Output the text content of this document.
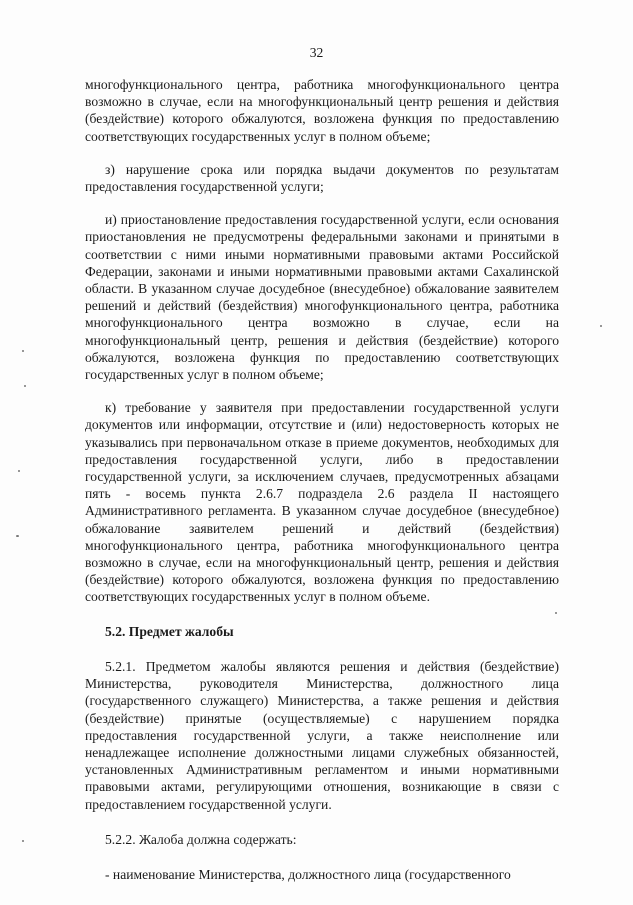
32

многофункционального центра, работника многофункционального центра возможно в случае, если на многофункциональный центр решения и действия (бездействие) которого обжалуются, возложена функция по предоставлению соответствующих государственных услуг в полном объеме;

з) нарушение срока или порядка выдачи документов по результатам предоставления государственной услуги;

и) приостановление предоставления государственной услуги, если основания приостановления не предусмотрены федеральными законами и принятыми в соответствии с ними иными нормативными правовыми актами Российской Федерации, законами и иными нормативными правовыми актами Сахалинской области. В указанном случае досудебное (внесудебное) обжалование заявителем решений и действий (бездействия) многофункционального центра, работника многофункционального центра возможно в случае, если на многофункциональный центр, решения и действия (бездействие) которого обжалуются, возложена функция по предоставлению соответствующих государственных услуг в полном объеме;

к) требование у заявителя при предоставлении государственной услуги документов или информации, отсутствие и (или) недостоверность которых не указывались при первоначальном отказе в приеме документов, необходимых для предоставления государственной услуги, либо в предоставлении государственной услуги, за исключением случаев, предусмотренных абзацами пять - восемь пункта 2.6.7 подраздела 2.6 раздела II настоящего Административного регламента. В указанном случае досудебное (внесудебное) обжалование заявителем решений и действий (бездействия) многофункционального центра, работника многофункционального центра возможно в случае, если на многофункциональный центр, решения и действия (бездействие) которого обжалуются, возложена функция по предоставлению соответствующих государственных услуг в полном объеме.

5.2. Предмет жалобы

5.2.1. Предметом жалобы являются решения и действия (бездействие) Министерства, руководителя Министерства, должностного лица (государственного служащего) Министерства, а также решения и действия (бездействие) принятые (осуществляемые) с нарушением порядка предоставления государственной услуги, а также неисполнение или ненадлежащее исполнение должностными лицами служебных обязанностей, установленных Административным регламентом и иными нормативными правовыми актами, регулирующими отношения, возникающие в связи с предоставлением государственной услуги.

5.2.2. Жалоба должна содержать:

- наименование Министерства, должностного лица (государственного
